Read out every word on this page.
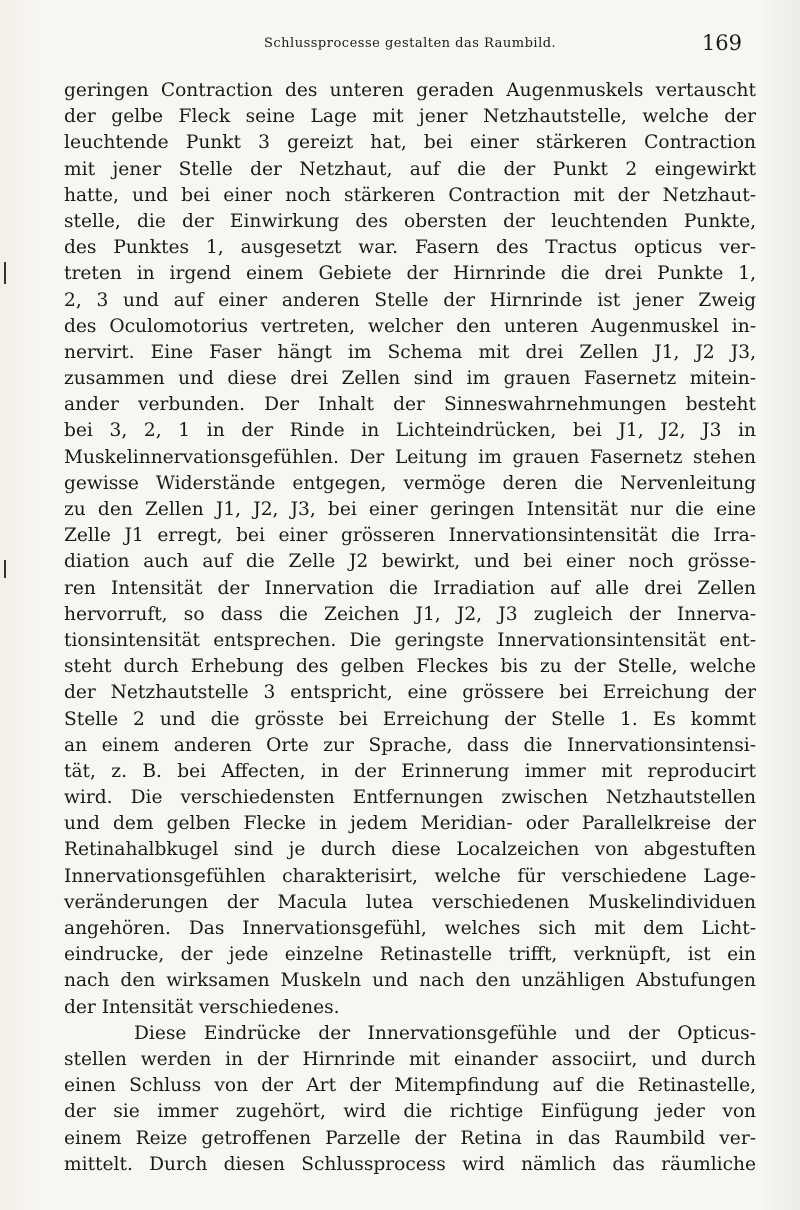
Schlussprocesse gestalten das Raumbild.	169
geringen Contraction des unteren geraden Augenmuskels vertauscht
der gelbe Fleck seine Lage mit jener Netzhautstelle, welche der
leuchtende Punkt 3 gereizt hat, bei einer stärkeren Contraction
mit jener Stelle der Netzhaut, auf die der Punkt 2 eingewirkt
hatte, und bei einer noch stärkeren Contraction mit der Netzhaut-
stelle, die der Einwirkung des obersten der leuchtenden Punkte,
des Punktes 1, ausgesetzt war. Fasern des Tractus opticus ver-
treten in irgend einem Gebiete der Hirnrinde die drei Punkte 1,
2, 3 und auf einer anderen Stelle der Hirnrinde ist jener Zweig
des Oculomotorius vertreten, welcher den unteren Augenmuskel in-
nervirt. Eine Faser hängt im Schema mit drei Zellen J1, J2 J3,
zusammen und diese drei Zellen sind im grauen Fasernetz mitein-
ander verbunden. Der Inhalt der Sinneswahrnehmungen besteht
bei 3, 2, 1 in der Rinde in Lichteindrücken, bei J1, J2, J3 in
Muskelinnervationsgefühlen. Der Leitung im grauen Fasernetz stehen
gewisse Widerstände entgegen, vermöge deren die Nervenleitung
zu den Zellen J1, J2, J3, bei einer geringen Intensität nur die eine
Zelle J1 erregt, bei einer grösseren Innervationsintensität die Irra-
diation auch auf die Zelle J2 bewirkt, und bei einer noch grösse-
ren Intensität der Innervation die Irradiation auf alle drei Zellen
hervorruft, so dass die Zeichen J1, J2, J3 zugleich der Innerva-
tionsintensität entsprechen. Die geringste Innervationsintensität ent-
steht durch Erhebung des gelben Fleckes bis zu der Stelle, welche
der Netzhautstelle 3 entspricht, eine grössere bei Erreichung der
Stelle 2 und die grösste bei Erreichung der Stelle 1. Es kommt
an einem anderen Orte zur Sprache, dass die Innervationsintensi-
tät, z. B. bei Affecten, in der Erinnerung immer mit reproducirt
wird. Die verschiedensten Entfernungen zwischen Netzhautstellen
und dem gelben Flecke in jedem Meridian- oder Parallelkreise der
Retinahalbkugel sind je durch diese Localzeichen von abgestuften
Innervationsgefühlen charakterisirt, welche für verschiedene Lage-
veränderungen der Macula lutea verschiedenen Muskelindividuen
angehören. Das Innervationsgefühl, welches sich mit dem Licht-
eindrucke, der jede einzelne Retinastelle trifft, verknüpft, ist ein
nach den wirksamen Muskeln und nach den unzähligen Abstufungen
der Intensität verschiedenes.
Diese Eindrücke der Innervationsgefühle und der Opticus-
stellen werden in der Hirnrinde mit einander associirt, und durch
einen Schluss von der Art der Mitempfindung auf die Retinastelle,
der sie immer zugehört, wird die richtige Einfügung jeder von
einem Reize getroffenen Parzelle der Retina in das Raumbild ver-
mittelt. Durch diesen Schlussprocess wird nämlich das räumliche
